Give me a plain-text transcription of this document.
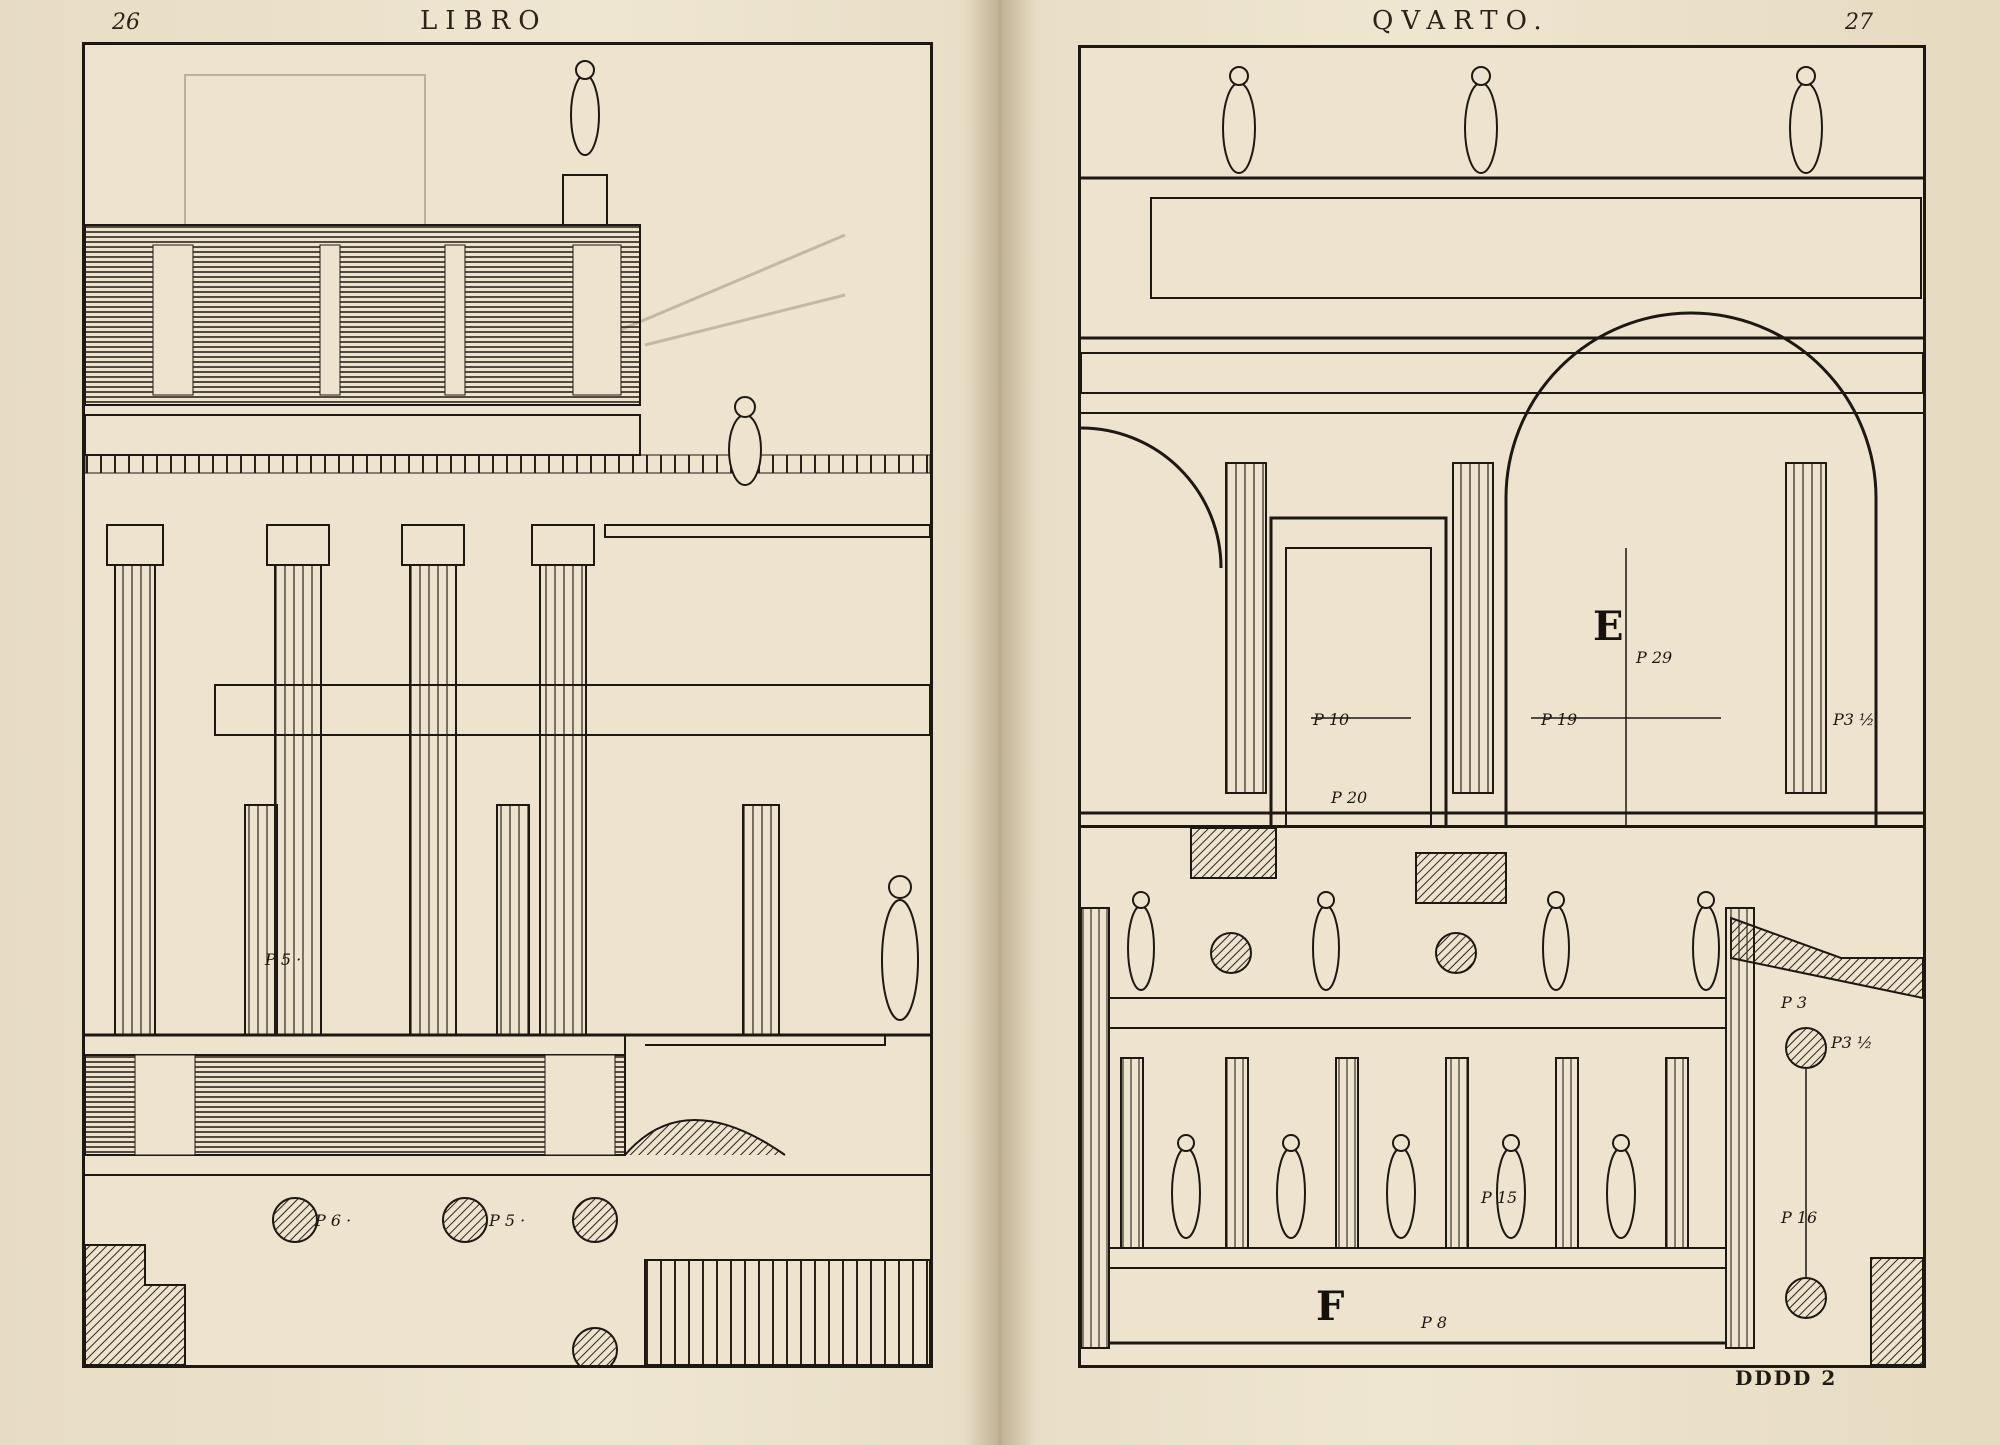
26	LIBRO
P 6 ·	P 5 ·
P 5 ·
QVARTO.	27
E
P 10
P 20
P 19
P 29
P3 ½
F
P3 ½
P 15
P 8
P 3
P 16
DDDD 2
